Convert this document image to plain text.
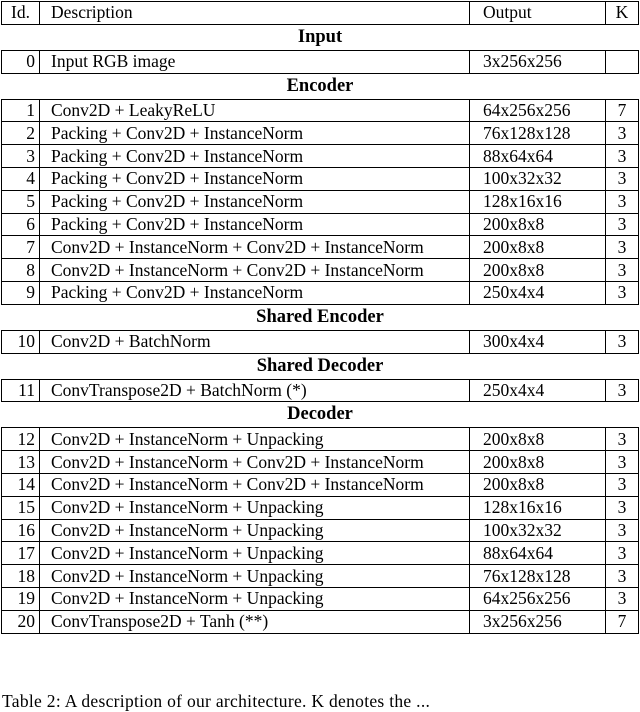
Id.	Description	Output	K
Input			
0	Input RGB image	3x256x256	
Encoder			
1	Conv2D + LeakyReLU	64x256x256	7
2	Packing + Conv2D + InstanceNorm	76x128x128	3
3	Packing + Conv2D + InstanceNorm	88x64x64	3
4	Packing + Conv2D + InstanceNorm	100x32x32	3
5	Packing + Conv2D + InstanceNorm	128x16x16	3
6	Packing + Conv2D + InstanceNorm	200x8x8	3
7	Conv2D + InstanceNorm + Conv2D + InstanceNorm	200x8x8	3
8	Conv2D + InstanceNorm + Conv2D + InstanceNorm	200x8x8	3
9	Packing + Conv2D + InstanceNorm	250x4x4	3
Shared Encoder			
10	Conv2D + BatchNorm	300x4x4	3
Shared Decoder			
11	ConvTranspose2D + BatchNorm (*)	250x4x4	3
Decoder			
12	Conv2D + InstanceNorm + Unpacking	200x8x8	3
13	Conv2D + InstanceNorm + Conv2D + InstanceNorm	200x8x8	3
14	Conv2D + InstanceNorm + Conv2D + InstanceNorm	200x8x8	3
15	Conv2D + InstanceNorm + Unpacking	128x16x16	3
16	Conv2D + InstanceNorm + Unpacking	100x32x32	3
17	Conv2D + InstanceNorm + Unpacking	88x64x64	3
18	Conv2D + InstanceNorm + Unpacking	76x128x128	3
19	Conv2D + InstanceNorm + Unpacking	64x256x256	3
20	ConvTranspose2D + Tanh (**)	3x256x256	7
Table 2: A description of our architecture. K denotes the ...
